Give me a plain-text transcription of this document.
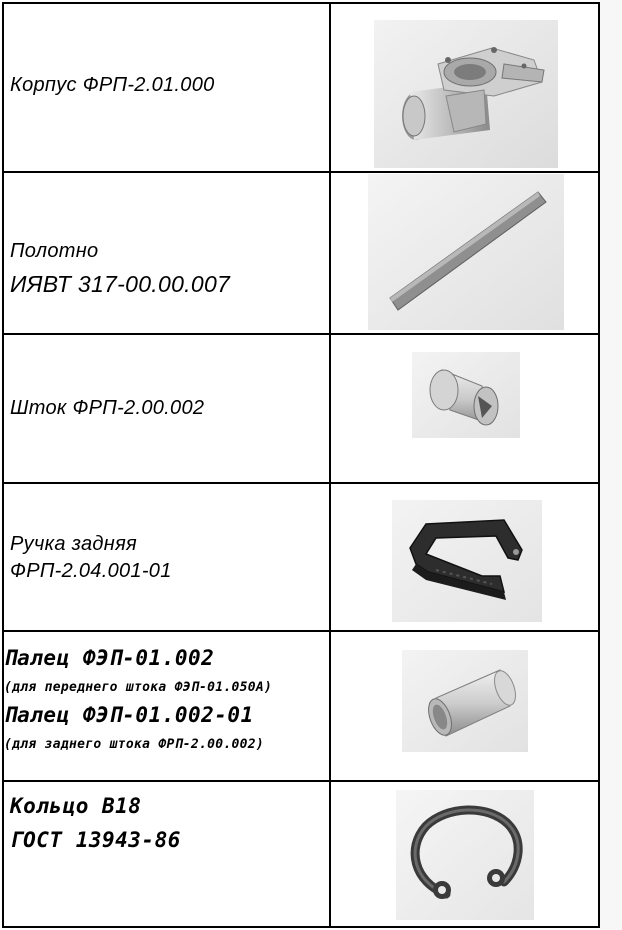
Корпус ФРП-2.01.000
Полотно
ИЯВТ 317-00.00.007
Шток ФРП-2.00.002
Ручка задняя
ФРП-2.04.001-01
Палец ФЭП-01.002
(для переднего штока ФЭП-01.050А)
Палец ФЭП-01.002-01
(для заднего штока ФРП-2.00.002)
Кольцо В18
ГОСТ 13943-86
